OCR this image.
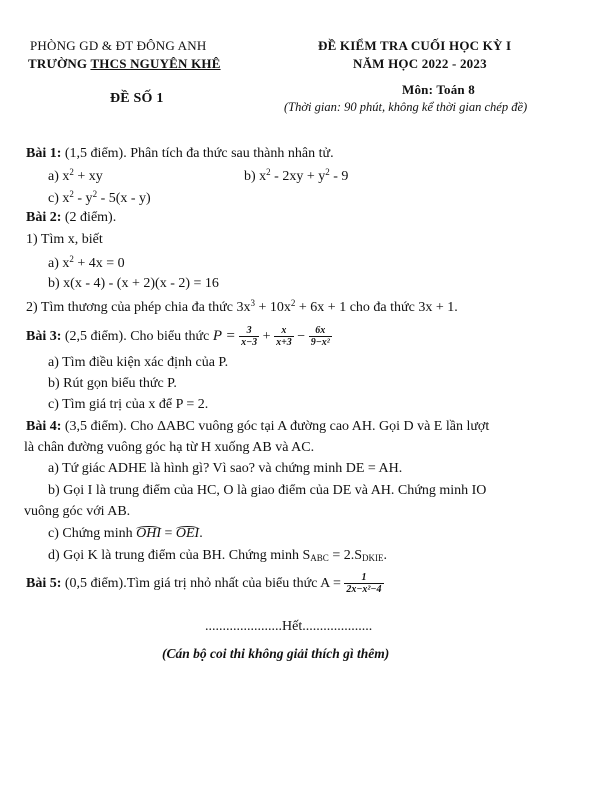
PHÒNG GD & ĐT ĐÔNG ANH
TRƯỜNG THCS NGUYÊN KHÊ
ĐỀ SỐ 1
ĐỀ KIỂM TRA CUỐI HỌC KỲ I
NĂM HỌC 2022 - 2023
Môn: Toán 8
(Thời gian: 90 phút, không kể thời gian chép đề)
Bài 1: (1,5 điểm). Phân tích đa thức sau thành nhân tử.
a) $x^2$ + xy	b) $x^2 - 2xy + y^2 - 9$
c) $x^2 - y^2 - 5(x - y)$
Bài 2: (2 điểm).
1) Tìm x, biết
a) $x^2 + 4x = 0$
b) x(x - 4) - (x + 2)(x - 2) = 16
2) Tìm thương của phép chia đa thức $3x^3 + 10x^2 + 6x + 1$ cho đa thức 3x + 1.
Bài 3: (2,5 điểm). Cho biểu thức $P = \frac{3}{x-3} + \frac{x}{x+3} - \frac{6x}{\text{9−x²}}$
a) Tìm điều kiện xác định của P.
b) Rút gọn biểu thức P.
c) Tìm giá trị của x để P = 2.
Bài 4: (3,5 điểm). Cho ΔABC vuông góc tại A đường cao AH. Gọi D và E lần lượt
là chân đường vuông góc hạ từ H xuống AB và AC.
a) Tứ giác ADHE là hình gì? Vì sao? và chứng minh DE = AH.
b) Gọi I là trung điểm của HC, O là giao điểm của DE và AH. Chứng minh IO
vuông góc với AB.
c) Chứng minh OHI = OEI.
d) Gọi K là trung điểm của BH. Chứng minh $S_{ABC} = 2.S_{DKIE}$.
Bài 5: (0,5 điểm).Tìm giá trị nhỏ nhất của biểu thức $A = \frac{1}{\text{2x−x²−4}}$
......................Hết....................
(Cán bộ coi thi không giải thích gì thêm)
